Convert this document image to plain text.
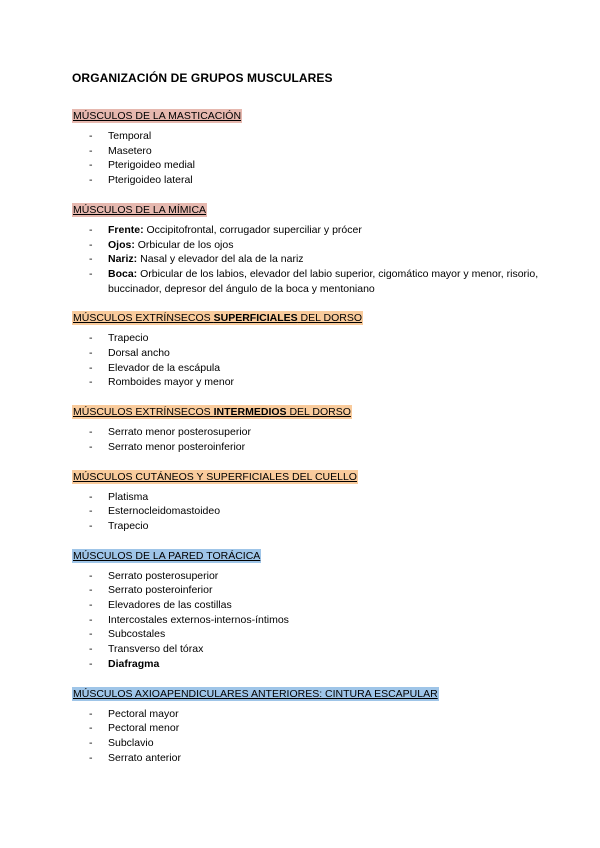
ORGANIZACIÓN DE GRUPOS MUSCULARES
MÚSCULOS DE LA MASTICACIÓN
- Temporal
- Masetero
- Pterigoideo medial
- Pterigoideo lateral
MÚSCULOS DE LA MÍMICA
- Frente: Occipitofrontal, corrugador superciliar y prócer
- Ojos: Orbicular de los ojos
- Nariz: Nasal y elevador del ala de la nariz
- Boca: Orbicular de los labios, elevador del labio superior, cigomático mayor y menor, risorio, buccinador, depresor del ángulo de la boca y mentoniano
MÚSCULOS EXTRÍNSECOS SUPERFICIALES DEL DORSO
- Trapecio
- Dorsal ancho
- Elevador de la escápula
- Romboides mayor y menor
MÚSCULOS EXTRÍNSECOS INTERMEDIOS DEL DORSO
- Serrato menor posterosuperior
- Serrato menor posteroinferior
MÚSCULOS CUTÁNEOS Y SUPERFICIALES DEL CUELLO
- Platisma
- Esternocleidomastoideo
- Trapecio
MÚSCULOS DE LA PARED TORÁCICA
- Serrato posterosuperior
- Serrato posteroinferior
- Elevadores de las costillas
- Intercostales externos-internos-íntimos
- Subcostales
- Transverso del tórax
- Diafragma
MÚSCULOS AXIOAPENDICULARES ANTERIORES: CINTURA ESCAPULAR
- Pectoral mayor
- Pectoral menor
- Subclavio
- Serrato anterior
